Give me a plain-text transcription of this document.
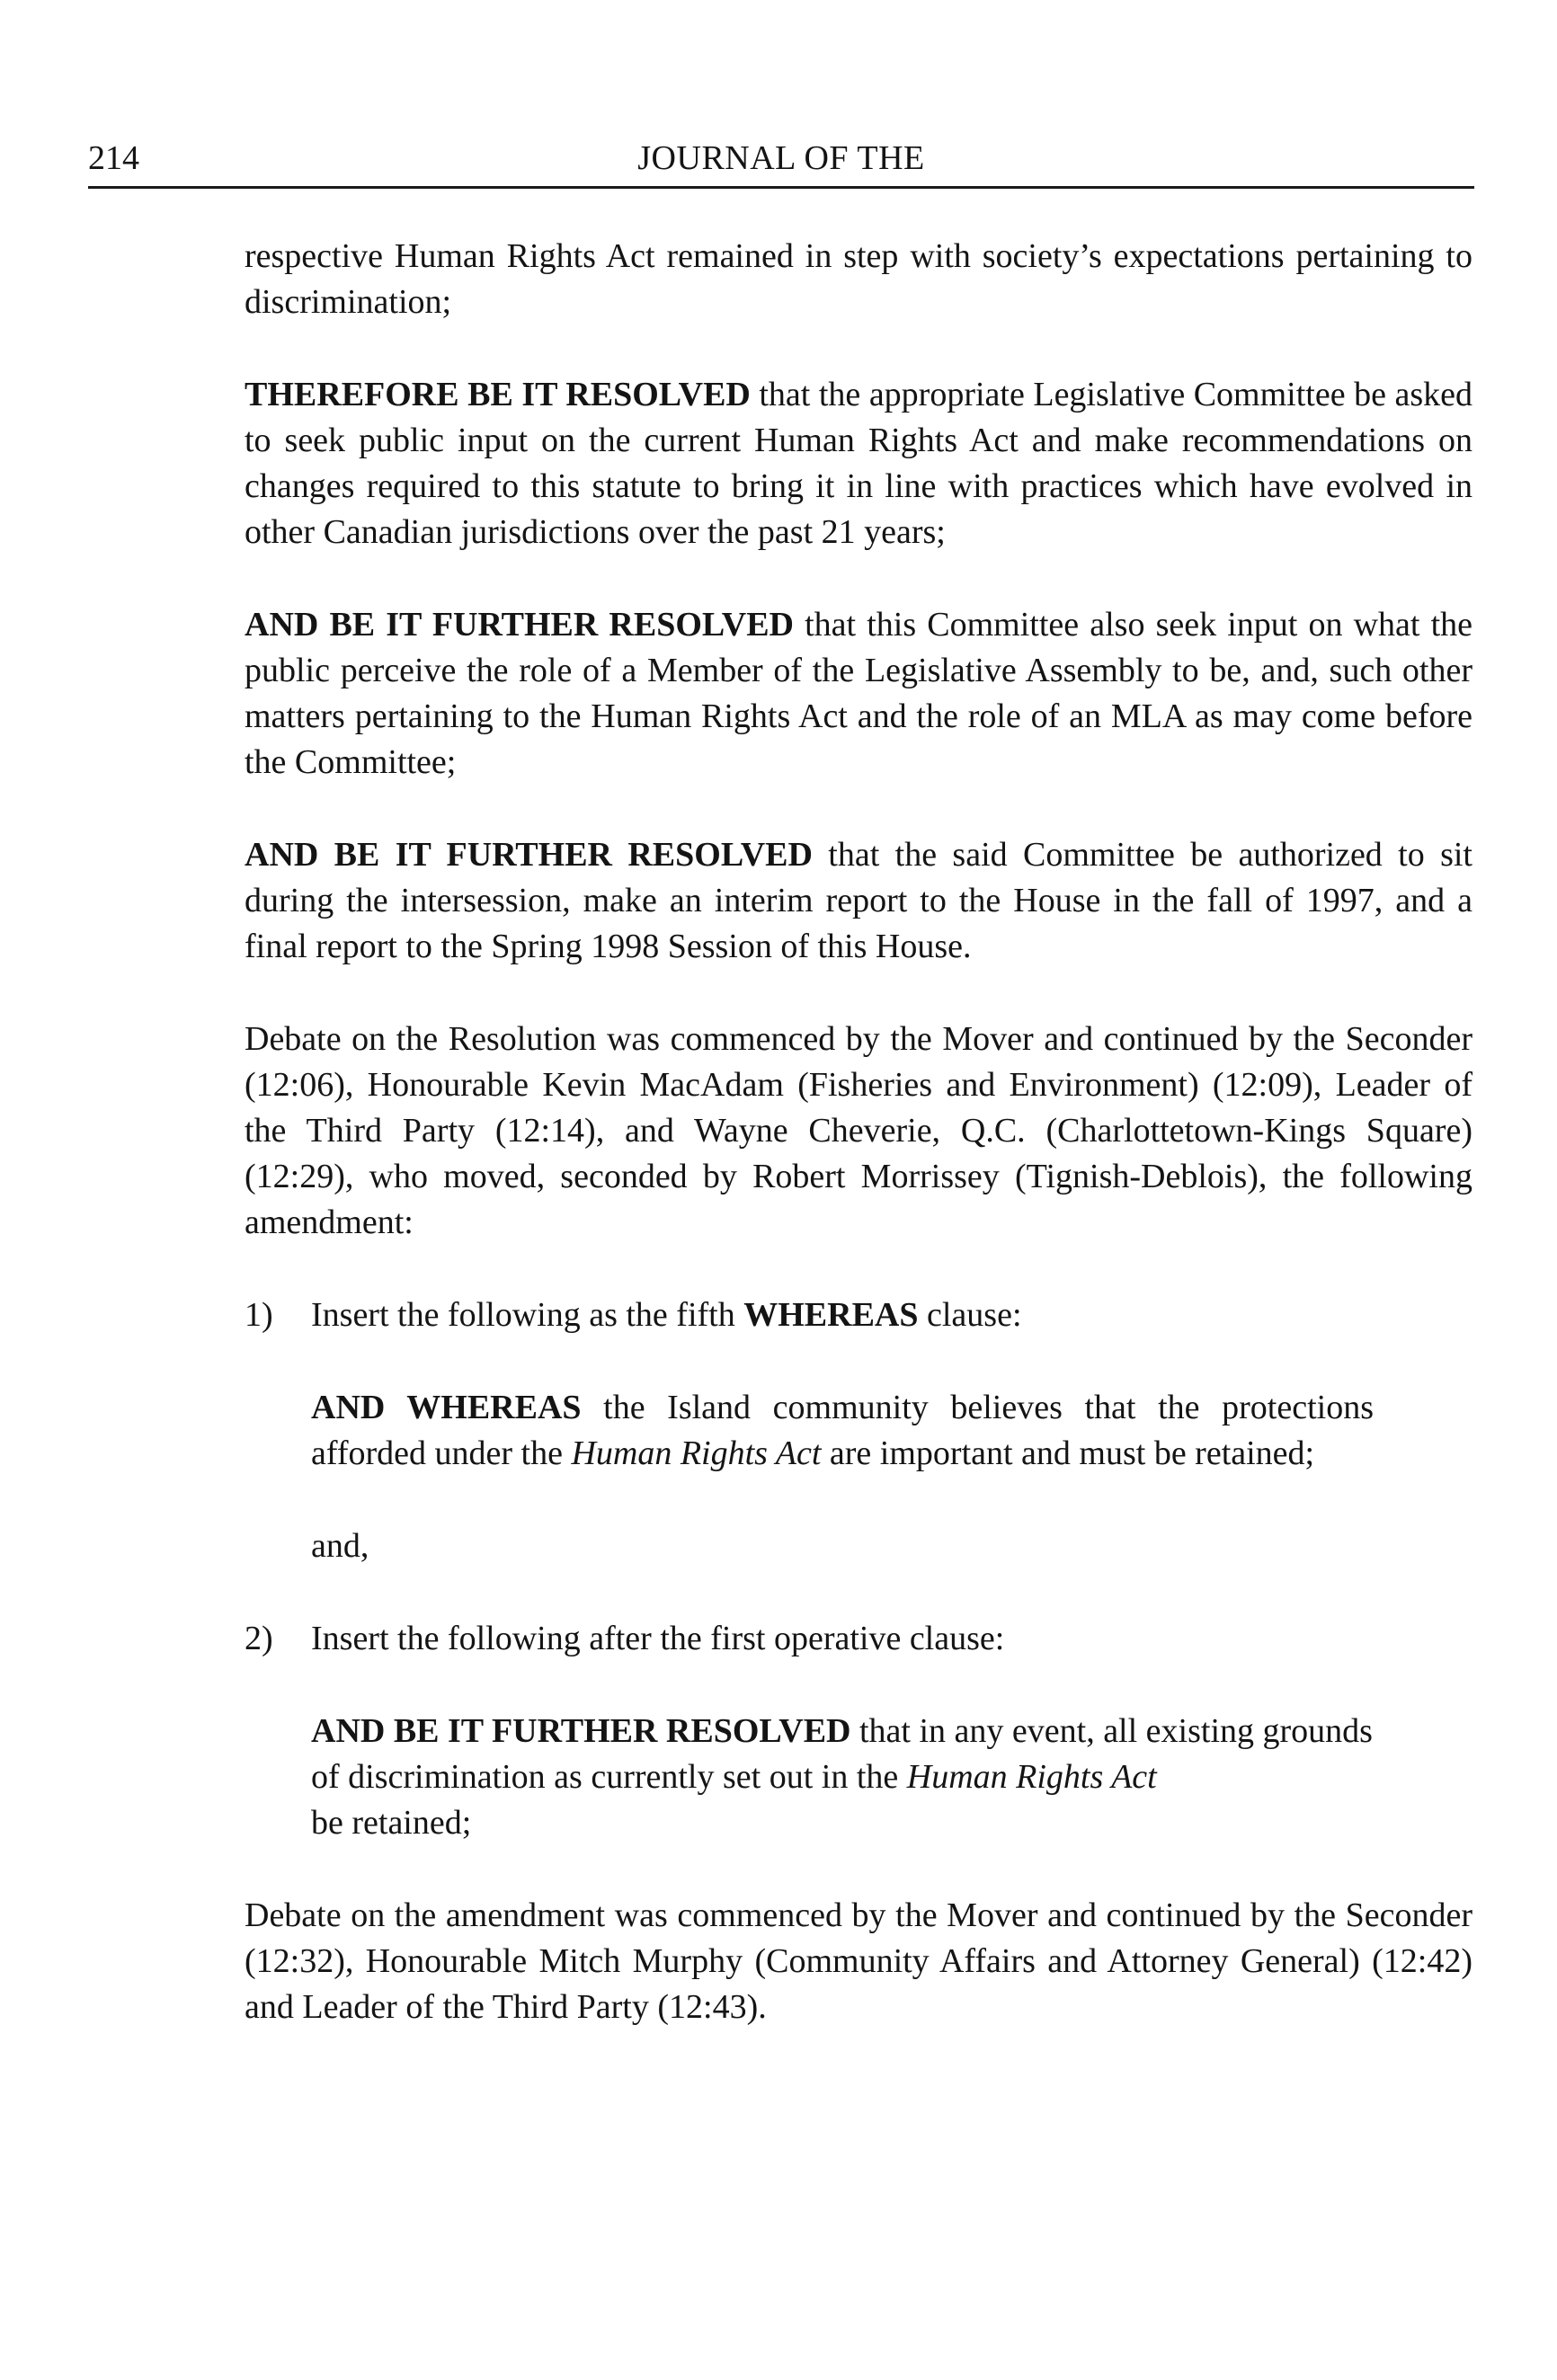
214	JOURNAL OF THE

respective Human Rights Act remained in step with society’s expectations pertaining to discrimination;

THEREFORE BE IT RESOLVED that the appropriate Legislative Committee be asked to seek public input on the current Human Rights Act and make recommendations on changes required to this statute to bring it in line with practices which have evolved in other Canadian jurisdictions over the past 21 years;

AND BE IT FURTHER RESOLVED that this Committee also seek input on what the public perceive the role of a Member of the Legislative Assembly to be, and, such other matters pertaining to the Human Rights Act and the role of an MLA as may come before the Committee;

AND BE IT FURTHER RESOLVED that the said Committee be authorized to sit during the intersession, make an interim report to the House in the fall of 1997, and a final report to the Spring 1998 Session of this House.

Debate on the Resolution was commenced by the Mover and continued by the Seconder (12:06), Honourable Kevin MacAdam (Fisheries and Environment) (12:09), Leader of the Third Party (12:14), and Wayne Cheverie, Q.C. (Charlottetown-Kings Square) (12:29), who moved, seconded by Robert Morrissey (Tignish-Deblois), the following amendment:

1) Insert the following as the fifth WHEREAS clause:

AND WHEREAS the Island community believes that the protections afforded under the Human Rights Act are important and must be retained;

and,

2) Insert the following after the first operative clause:

AND BE IT FURTHER RESOLVED that in any event, all existing grounds of discrimination as currently set out in the Human Rights Act
be retained;

Debate on the amendment was commenced by the Mover and continued by the Seconder (12:32), Honourable Mitch Murphy (Community Affairs and Attorney General) (12:42) and Leader of the Third Party (12:43).
